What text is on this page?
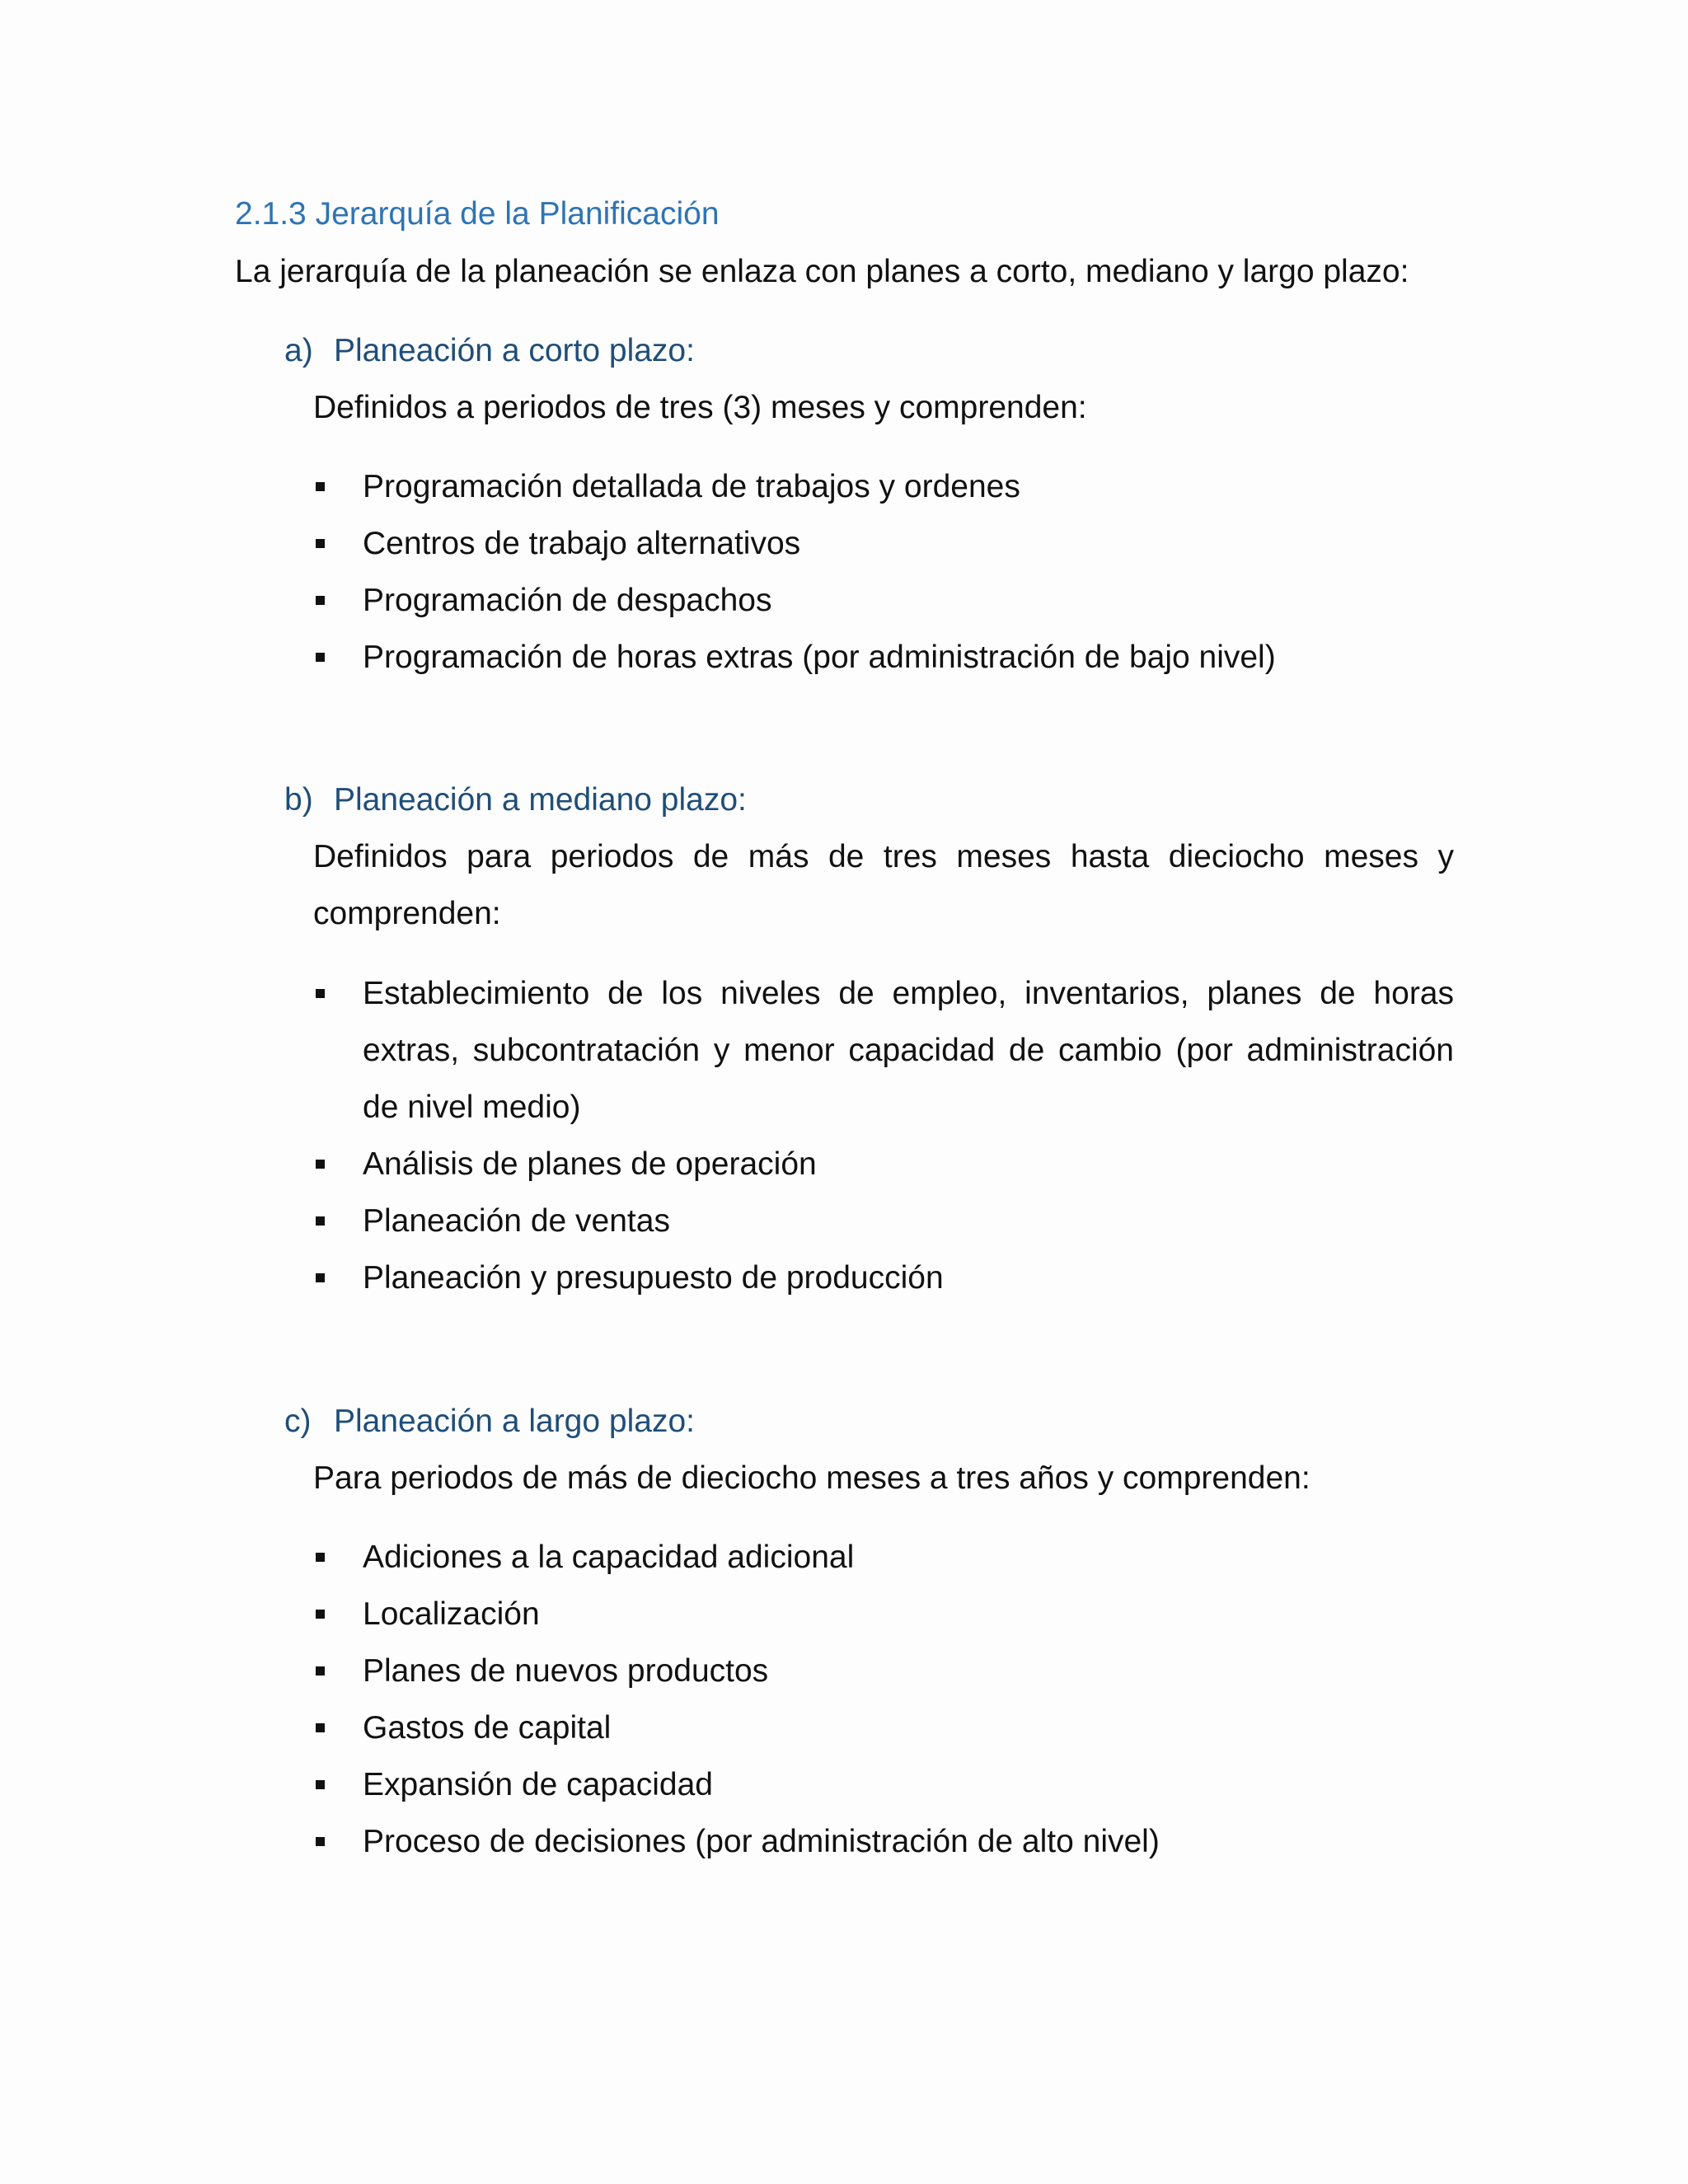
2.1.3 Jerarquía de la Planificación
La jerarquía de la planeación se enlaza con planes a corto, mediano y largo plazo:
a) Planeación a corto plazo:
Definidos a periodos de tres (3) meses y comprenden:
Programación detallada de trabajos y ordenes
Centros de trabajo alternativos
Programación de despachos
Programación de horas extras (por administración de bajo nivel)
b) Planeación a mediano plazo:
Definidos para periodos de más de tres meses hasta dieciocho meses y comprenden:
Establecimiento de los niveles de empleo, inventarios, planes de horas extras, subcontratación y menor capacidad de cambio (por administración de nivel medio)
Análisis de planes de operación
Planeación de ventas
Planeación y presupuesto de producción
c) Planeación a largo plazo:
Para periodos de más de dieciocho meses a tres años y comprenden:
Adiciones a la capacidad adicional
Localización
Planes de nuevos productos
Gastos de capital
Expansión de capacidad
Proceso de decisiones (por administración de alto nivel)
